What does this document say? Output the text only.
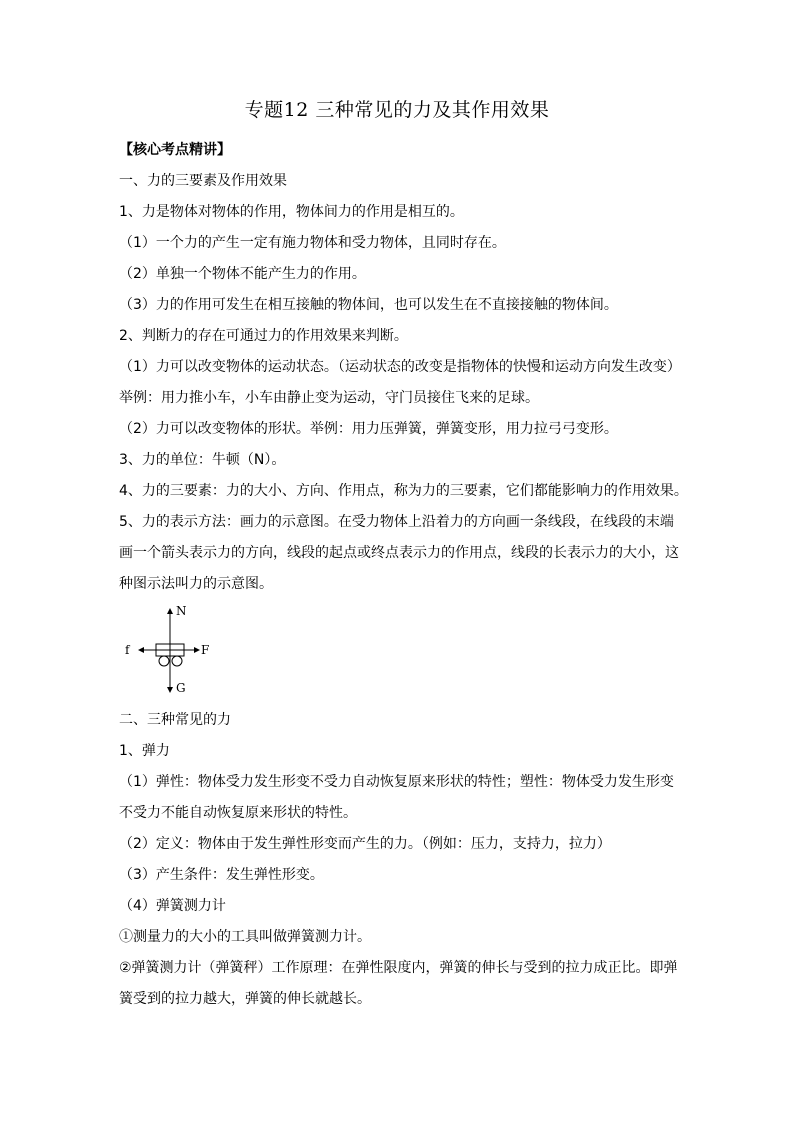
专题12 三种常见的力及其作用效果
【核心考点精讲】
一、力的三要素及作用效果
1、力是物体对物体的作用，物体间力的作用是相互的。
（1）一个力的产生一定有施力物体和受力物体，且同时存在。
（2）单独一个物体不能产生力的作用。
（3）力的作用可发生在相互接触的物体间，也可以发生在不直接接触的物体间。
2、判断力的存在可通过力的作用效果来判断。
（1）力可以改变物体的运动状态。（运动状态的改变是指物体的快慢和运动方向发生改变）
举例：用力推小车，小车由静止变为运动，守门员接住飞来的足球。
（2）力可以改变物体的形状。举例：用力压弹簧，弹簧变形，用力拉弓弓变形。
3、力的单位：牛顿（N）。
4、力的三要素：力的大小、方向、作用点，称为力的三要素，它们都能影响力的作用效果。
5、力的表示方法：画力的示意图。在受力物体上沿着力的方向画一条线段，在线段的末端
画一个箭头表示力的方向，线段的起点或终点表示力的作用点，线段的长表示力的大小，这
种图示法叫力的示意图。
N
G
f	F
二、三种常见的力
1、弹力
（1）弹性：物体受力发生形变不受力自动恢复原来形状的特性；塑性：物体受力发生形变
不受力不能自动恢复原来形状的特性。
（2）定义：物体由于发生弹性形变而产生的力。（例如：压力，支持力，拉力）
（3）产生条件：发生弹性形变。
（4）弹簧测力计
①测量力的大小的工具叫做弹簧测力计。
②弹簧测力计（弹簧秤）工作原理：在弹性限度内，弹簧的伸长与受到的拉力成正比。即弹
簧受到的拉力越大，弹簧的伸长就越长。
